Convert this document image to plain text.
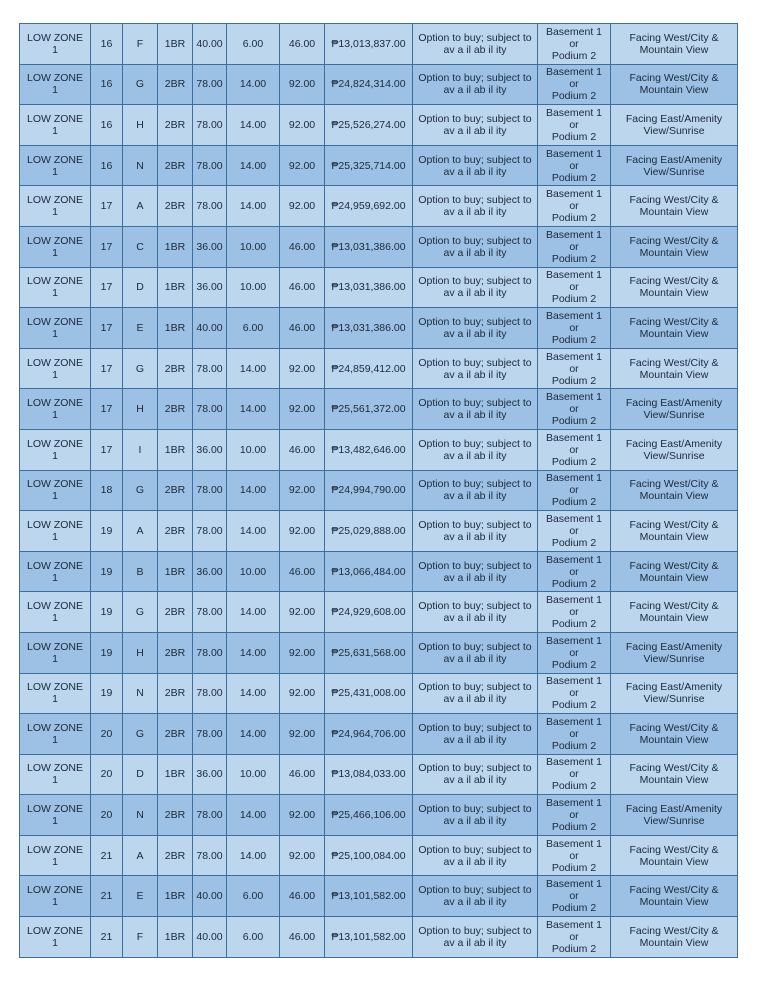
LOW ZONE 1	16	F	1BR	40.00	6.00	46.00	₱13,013,837.00	Option to buy; subject to
av a il ab il ity	Basement 1 or
Podium 2	Facing West/City &
Mountain View
LOW ZONE 1	16	G	2BR	78.00	14.00	92.00	₱24,824,314.00	Option to buy; subject to
av a il ab il ity	Basement 1 or
Podium 2	Facing West/City &
Mountain View
LOW ZONE 1	16	H	2BR	78.00	14.00	92.00	₱25,526,274.00	Option to buy; subject to
av a il ab il ity	Basement 1 or
Podium 2	Facing East/Amenity
View/Sunrise
LOW ZONE 1	16	N	2BR	78.00	14.00	92.00	₱25,325,714.00	Option to buy; subject to
av a il ab il ity	Basement 1 or
Podium 2	Facing East/Amenity
View/Sunrise
LOW ZONE 1	17	A	2BR	78.00	14.00	92.00	₱24,959,692.00	Option to buy; subject to
av a il ab il ity	Basement 1 or
Podium 2	Facing West/City &
Mountain View
LOW ZONE 1	17	C	1BR	36.00	10.00	46.00	₱13,031,386.00	Option to buy; subject to
av a il ab il ity	Basement 1 or
Podium 2	Facing West/City &
Mountain View
LOW ZONE 1	17	D	1BR	36.00	10.00	46.00	₱13,031,386.00	Option to buy; subject to
av a il ab il ity	Basement 1 or
Podium 2	Facing West/City &
Mountain View
LOW ZONE 1	17	E	1BR	40.00	6.00	46.00	₱13,031,386.00	Option to buy; subject to
av a il ab il ity	Basement 1 or
Podium 2	Facing West/City &
Mountain View
LOW ZONE 1	17	G	2BR	78.00	14.00	92.00	₱24,859,412.00	Option to buy; subject to
av a il ab il ity	Basement 1 or
Podium 2	Facing West/City &
Mountain View
LOW ZONE 1	17	H	2BR	78.00	14.00	92.00	₱25,561,372.00	Option to buy; subject to
av a il ab il ity	Basement 1 or
Podium 2	Facing East/Amenity
View/Sunrise
LOW ZONE 1	17	I	1BR	36.00	10.00	46.00	₱13,482,646.00	Option to buy; subject to
av a il ab il ity	Basement 1 or
Podium 2	Facing East/Amenity
View/Sunrise
LOW ZONE 1	18	G	2BR	78.00	14.00	92.00	₱24,994,790.00	Option to buy; subject to
av a il ab il ity	Basement 1 or
Podium 2	Facing West/City &
Mountain View
LOW ZONE 1	19	A	2BR	78.00	14.00	92.00	₱25,029,888.00	Option to buy; subject to
av a il ab il ity	Basement 1 or
Podium 2	Facing West/City &
Mountain View
LOW ZONE 1	19	B	1BR	36.00	10.00	46.00	₱13,066,484.00	Option to buy; subject to
av a il ab il ity	Basement 1 or
Podium 2	Facing West/City &
Mountain View
LOW ZONE 1	19	G	2BR	78.00	14.00	92.00	₱24,929,608.00	Option to buy; subject to
av a il ab il ity	Basement 1 or
Podium 2	Facing West/City &
Mountain View
LOW ZONE 1	19	H	2BR	78.00	14.00	92.00	₱25,631,568.00	Option to buy; subject to
av a il ab il ity	Basement 1 or
Podium 2	Facing East/Amenity
View/Sunrise
LOW ZONE 1	19	N	2BR	78.00	14.00	92.00	₱25,431,008.00	Option to buy; subject to
av a il ab il ity	Basement 1 or
Podium 2	Facing East/Amenity
View/Sunrise
LOW ZONE 1	20	G	2BR	78.00	14.00	92.00	₱24,964,706.00	Option to buy; subject to
av a il ab il ity	Basement 1 or
Podium 2	Facing West/City &
Mountain View
LOW ZONE 1	20	D	1BR	36.00	10.00	46.00	₱13,084,033.00	Option to buy; subject to
av a il ab il ity	Basement 1 or
Podium 2	Facing West/City &
Mountain View
LOW ZONE 1	20	N	2BR	78.00	14.00	92.00	₱25,466,106.00	Option to buy; subject to
av a il ab il ity	Basement 1 or
Podium 2	Facing East/Amenity
View/Sunrise
LOW ZONE 1	21	A	2BR	78.00	14.00	92.00	₱25,100,084.00	Option to buy; subject to
av a il ab il ity	Basement 1 or
Podium 2	Facing West/City &
Mountain View
LOW ZONE 1	21	E	1BR	40.00	6.00	46.00	₱13,101,582.00	Option to buy; subject to
av a il ab il ity	Basement 1 or
Podium 2	Facing West/City &
Mountain View
LOW ZONE 1	21	F	1BR	40.00	6.00	46.00	₱13,101,582.00	Option to buy; subject to
av a il ab il ity	Basement 1 or
Podium 2	Facing West/City &
Mountain View
